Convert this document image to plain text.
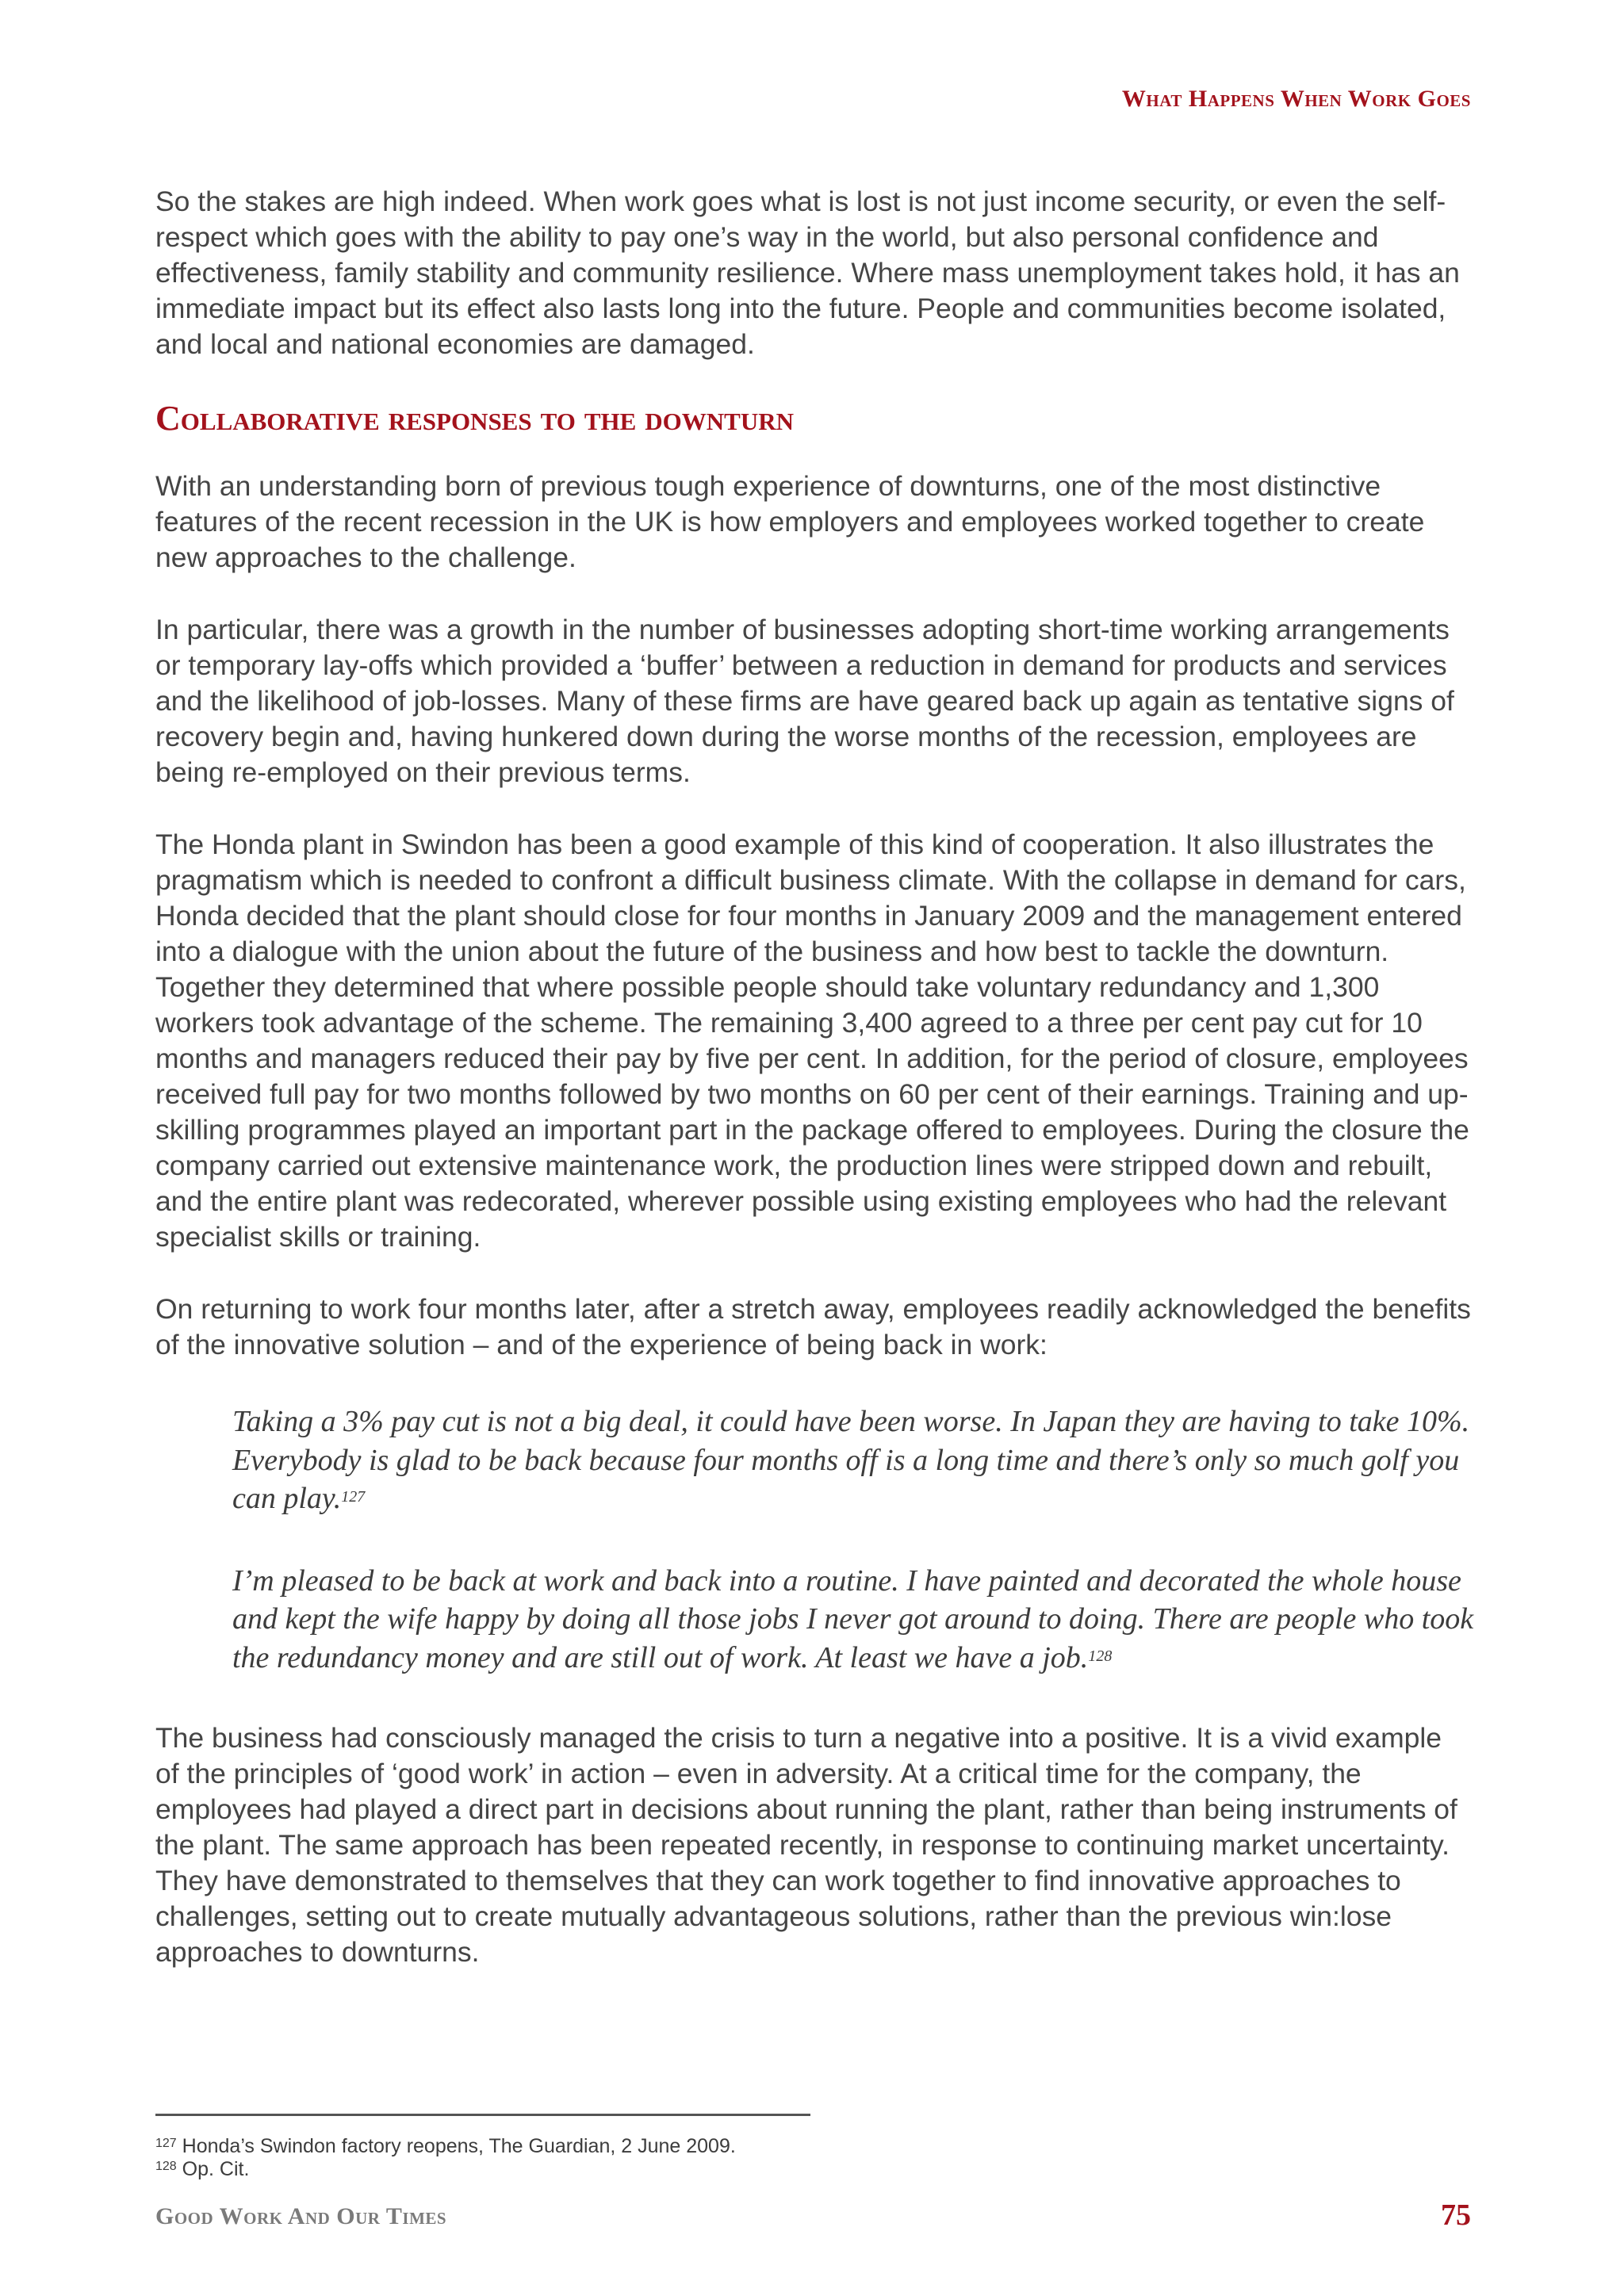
What Happens When Work Goes

So the stakes are high indeed. When work goes what is lost is not just income security, or even the self-respect which goes with the ability to pay one’s way in the world, but also personal confidence and effectiveness, family stability and community resilience. Where mass unemployment takes hold, it has an immediate impact but its effect also lasts long into the future. People and communities become isolated, and local and national economies are damaged.

Collaborative responses to the downturn

With an understanding born of previous tough experience of downturns, one of the most distinctive features of the recent recession in the UK is how employers and employees worked together to create new approaches to the challenge.

In particular, there was a growth in the number of businesses adopting short-time working arrangements or temporary lay-offs which provided a ‘buffer’ between a reduction in demand for products and services and the likelihood of job-losses. Many of these firms are have geared back up again as tentative signs of recovery begin and, having hunkered down during the worse months of the recession, employees are being re-employed on their previous terms.

The Honda plant in Swindon has been a good example of this kind of cooperation. It also illustrates the pragmatism which is needed to confront a difficult business climate. With the collapse in demand for cars, Honda decided that the plant should close for four months in January 2009 and the management entered into a dialogue with the union about the future of the business and how best to tackle the downturn. Together they determined that where possible people should take voluntary redundancy and 1,300 workers took advantage of the scheme. The remaining 3,400 agreed to a three per cent pay cut for 10 months and managers reduced their pay by five per cent. In addition, for the period of closure, employees received full pay for two months followed by two months on 60 per cent of their earnings. Training and up-skilling programmes played an important part in the package offered to employees. During the closure the company carried out extensive maintenance work, the production lines were stripped down and rebuilt, and the entire plant was redecorated, wherever possible using existing employees who had the relevant specialist skills or training.

On returning to work four months later, after a stretch away, employees readily acknowledged the benefits of the innovative solution – and of the experience of being back in work:

Taking a 3% pay cut is not a big deal, it could have been worse. In Japan they are having to take 10%. Everybody is glad to be back because four months off is a long time and there’s only so much golf you can play.$^{127}$

I’m pleased to be back at work and back into a routine. I have painted and decorated the whole house and kept the wife happy by doing all those jobs I never got around to doing. There are people who took the redundancy money and are still out of work. At least we have a job.$^{128}$

The business had consciously managed the crisis to turn a negative into a positive. It is a vivid example of the principles of ‘good work’ in action – even in adversity. At a critical time for the company, the employees had played a direct part in decisions about running the plant, rather than being instruments of the plant. The same approach has been repeated recently, in response to continuing market uncertainty. They have demonstrated to themselves that they can work together to find innovative approaches to challenges, setting out to create mutually advantageous solutions, rather than the previous win:lose approaches to downturns.

$^{127}$ Honda’s Swindon factory reopens, The Guardian, 2 June 2009.
$^{128}$ Op. Cit.
Good Work And Our Times	75
